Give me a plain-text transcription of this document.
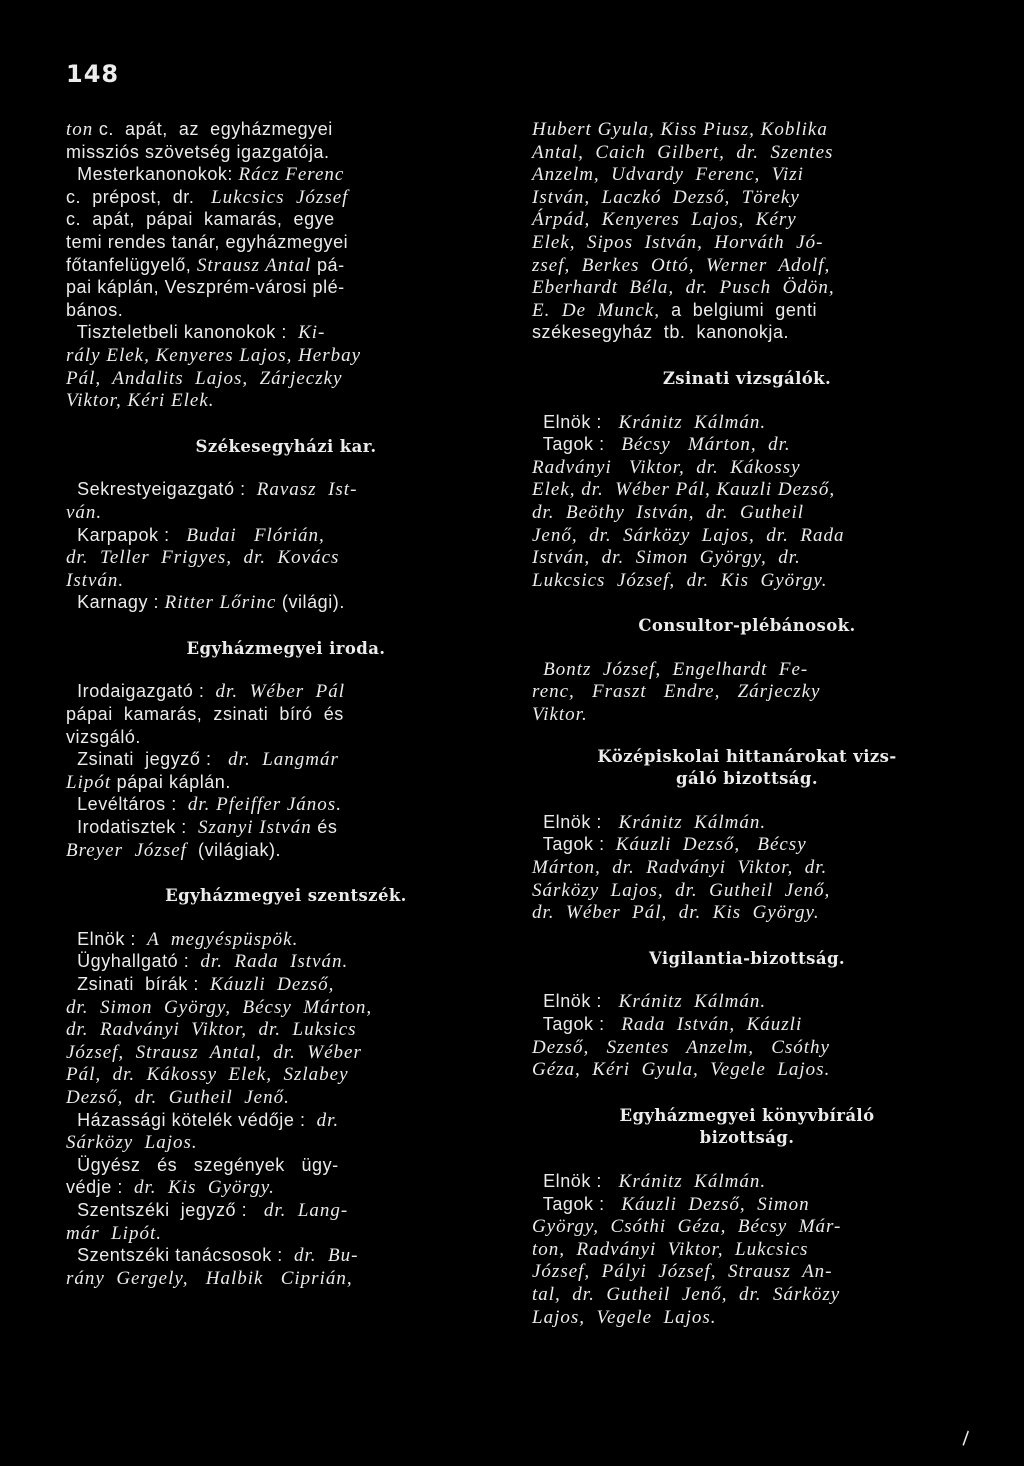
148
ton c.  apát,  az  egyházmegyei
missziós szövetség igazgatója.
Mesterkanonokok: Rácz Ferenc
c.  prépost,  dr.   Lukcsics  József
c.  apát,  pápai  kamarás,  egye
temi rendes tanár, egyházmegyei
főtanfelügyelő, Strausz Antal pá-
pai káplán, Veszprém-városi plé-
bános.
Tiszteletbeli kanonokok :  Ki-
rály Elek, Kenyeres Lajos, Herbay
Pál,  Andalits  Lajos,  Zárjeczky
Viktor, Kéri Elek.
Székesegyházi kar.
Sekrestyeigazgató :  Ravasz  Ist-
ván.
Karpapok :   Budai   Flórián,
dr.  Teller  Frigyes,  dr.  Kovács
István.
Karnagy : Ritter Lőrinc (világi).
Egyházmegyei iroda.
Irodaigazgató :  dr.  Wéber  Pál
pápai  kamarás,  zsinati  bíró  és
vizsgáló.
Zsinati  jegyző :   dr.  Langmár
Lipót pápai káplán.
Levéltáros :  dr. Pfeiffer János.
Irodatisztek :  Szanyi István és
Breyer  József  (világiak).
Egyházmegyei szentszék.
Elnök :  A  megyéspüspök.
Ügyhallgató :  dr.  Rada  István.
Zsinati  bírák :  Káuzli  Dezső,
dr.  Simon  György,  Bécsy  Márton,
dr.  Radványi  Viktor,  dr.  Luksics
József,  Strausz  Antal,  dr.  Wéber
Pál,  dr.  Kákossy  Elek,  Szlabey
Dezső,  dr.  Gutheil  Jenő.
Házassági kötelék védője :  dr.
Sárközy  Lajos.
Ügyész   és   szegények   ügy-
védje :  dr.  Kis  György.
Szentszéki  jegyző :   dr.  Lang-
már  Lipót.
Szentszéki tanácsosok :  dr.  Bu-
rány  Gergely,   Halbik   Ciprián,
Hubert Gyula, Kiss Piusz, Koblika
Antal,  Caich  Gilbert,  dr.  Szentes
Anzelm,  Udvardy  Ferenc,  Vizi
István,  Laczkó  Dezső,  Töreky
Árpád,  Kenyeres  Lajos,  Kéry
Elek,  Sipos  István,  Horváth  Jó-
zsef,  Berkes  Ottó,  Werner  Adolf,
Eberhardt  Béla,  dr.  Pusch  Ödön,
E.  De  Munck,  a  belgiumi  genti
székesegyház  tb.  kanonokja.
Zsinati vizsgálók.
Elnök :   Kránitz  Kálmán.
Tagok :   Bécsy   Márton,  dr.
Radványi   Viktor,  dr.  Kákossy
Elek, dr.  Wéber Pál, Kauzli Dezső,
dr.  Beöthy  István,  dr.  Gutheil
Jenő,  dr.  Sárközy  Lajos,  dr.  Rada
István,  dr.  Simon  György,  dr.
Lukcsics  József,  dr.  Kis  György.
Consultor-plébánosok.
Bontz  József,  Engelhardt  Fe-
renc,   Fraszt   Endre,   Zárjeczky
Viktor.
Középiskolai hittanárokat vizs-
gáló bizottság.
Elnök :   Kránitz  Kálmán.
Tagok :  Káuzli  Dezső,   Bécsy
Márton,  dr.  Radványi  Viktor,  dr.
Sárközy  Lajos,  dr.  Gutheil  Jenő,
dr.  Wéber  Pál,  dr.  Kis  György.
Vigilantia-bizottság.
Elnök :   Kránitz  Kálmán.
Tagok :   Rada  István,  Káuzli
Dezső,   Szentes   Anzelm,   Csóthy
Géza,  Kéri  Gyula,  Vegele  Lajos.
Egyházmegyei könyvbíráló
bizottság.
Elnök :   Kránitz  Kálmán.
Tagok :   Káuzli  Dezső,  Simon
György,  Csóthi  Géza,  Bécsy  Már-
ton,  Radványi  Viktor,  Lukcsics
József,  Pályi  József,  Strausz  An-
tal,  dr.  Gutheil  Jenő,  dr.  Sárközy
Lajos,  Vegele  Lajos.
\
